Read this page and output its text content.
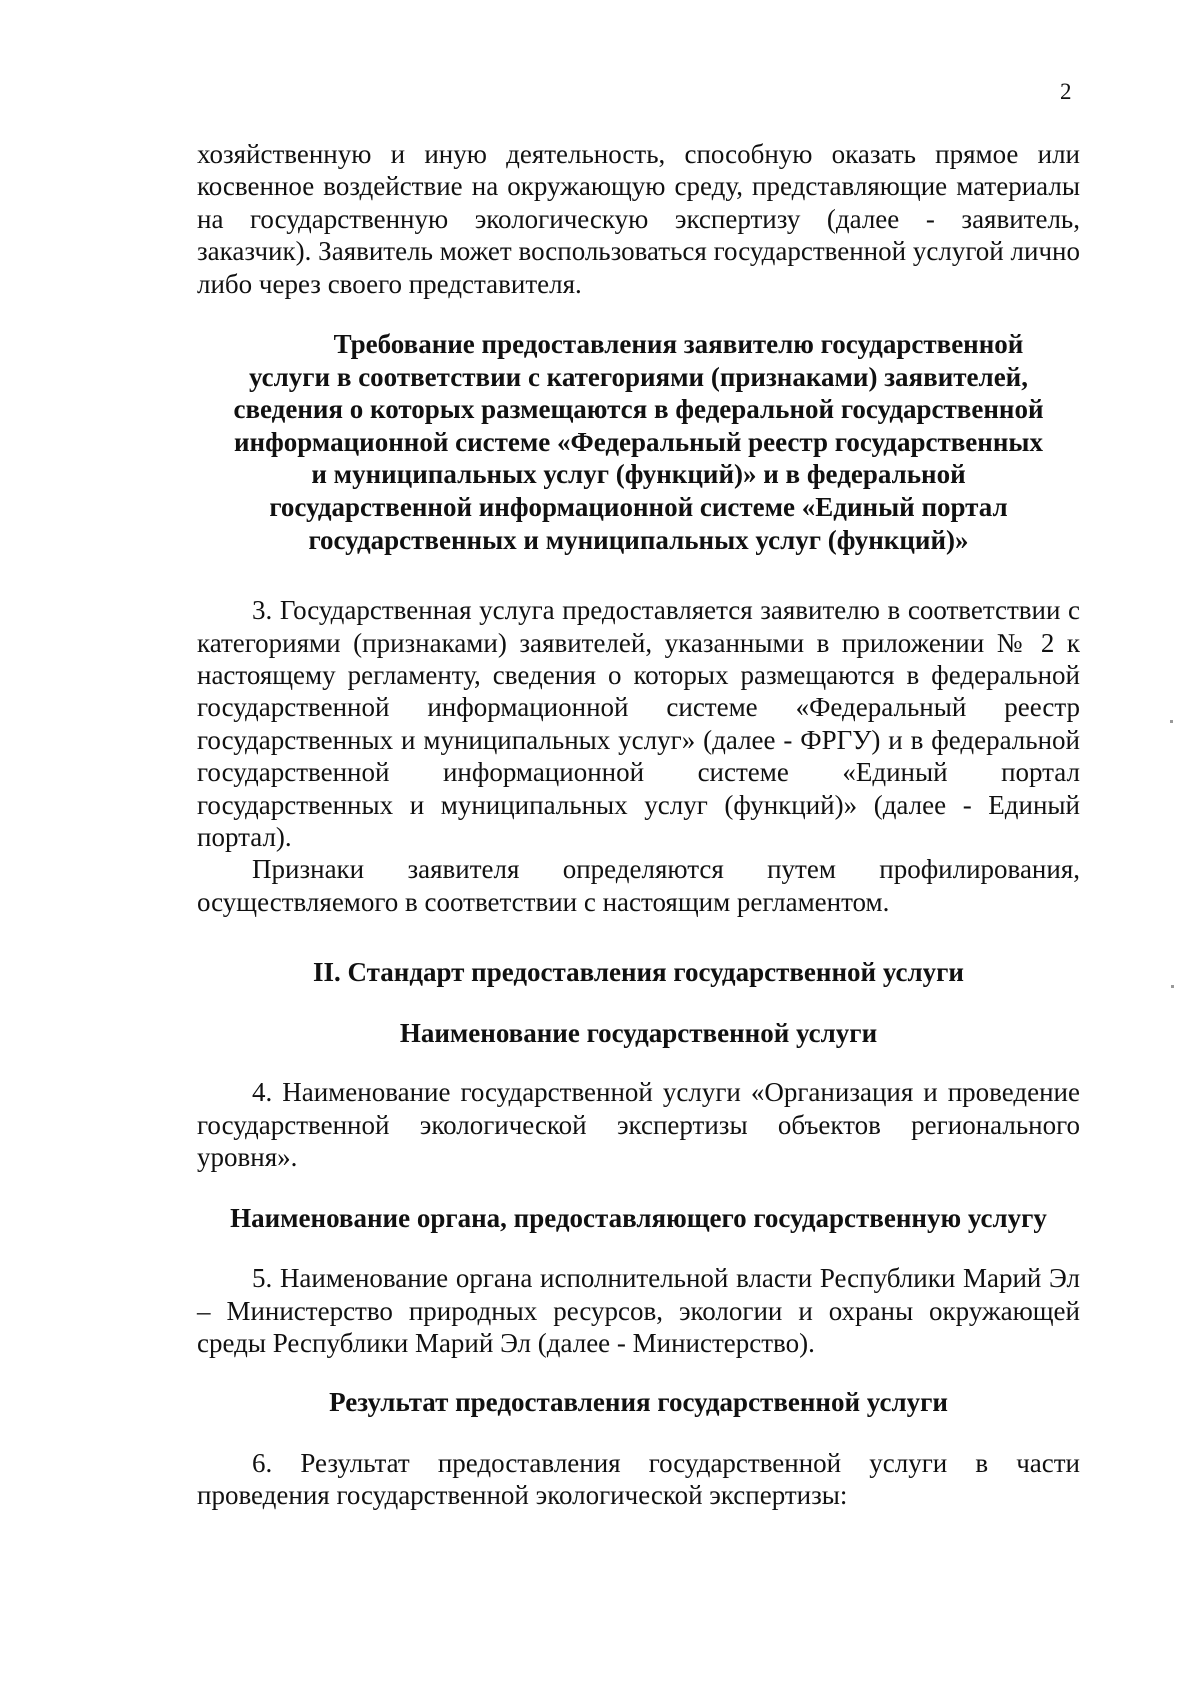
2

хозяйственную и иную деятельность, способную оказать прямое или косвенное воздействие на окружающую среду, представляющие материалы на государственную экологическую экспертизу (далее - заявитель, заказчик). Заявитель может воспользоваться государственной услугой лично либо через своего представителя.

Требование предоставления заявителю государственной
услуги в соответствии с категориями (признаками) заявителей,
сведения о которых размещаются в федеральной государственной
информационной системе «Федеральный реестр государственных
и муниципальных услуг (функций)» и в федеральной
государственной информационной системе «Единый портал
государственных и муниципальных услуг (функций)»

3. Государственная услуга предоставляется заявителю в соответствии с категориями (признаками) заявителей, указанными в приложении № 2 к настоящему регламенту, сведения о которых размещаются в федеральной государственной информационной системе «Федеральный реестр государственных и муниципальных услуг» (далее - ФРГУ) и в федеральной государственной информационной системе «Единый портал государственных и муниципальных услуг (функций)» (далее - Единый портал).

Признаки заявителя определяются путем профилирования, осуществляемого в соответствии с настоящим регламентом.

II. Стандарт предоставления государственной услуги
Наименование государственной услуги

4. Наименование государственной услуги «Организация и проведение государственной экологической экспертизы объектов регионального уровня».

Наименование органа, предоставляющего государственную услугу

5. Наименование органа исполнительной власти Республики Марий Эл – Министерство природных ресурсов, экологии и охраны окружающей среды Республики Марий Эл (далее - Министерство).

Результат предоставления государственной услуги

6. Результат предоставления государственной услуги в части проведения государственной экологической экспертизы:
